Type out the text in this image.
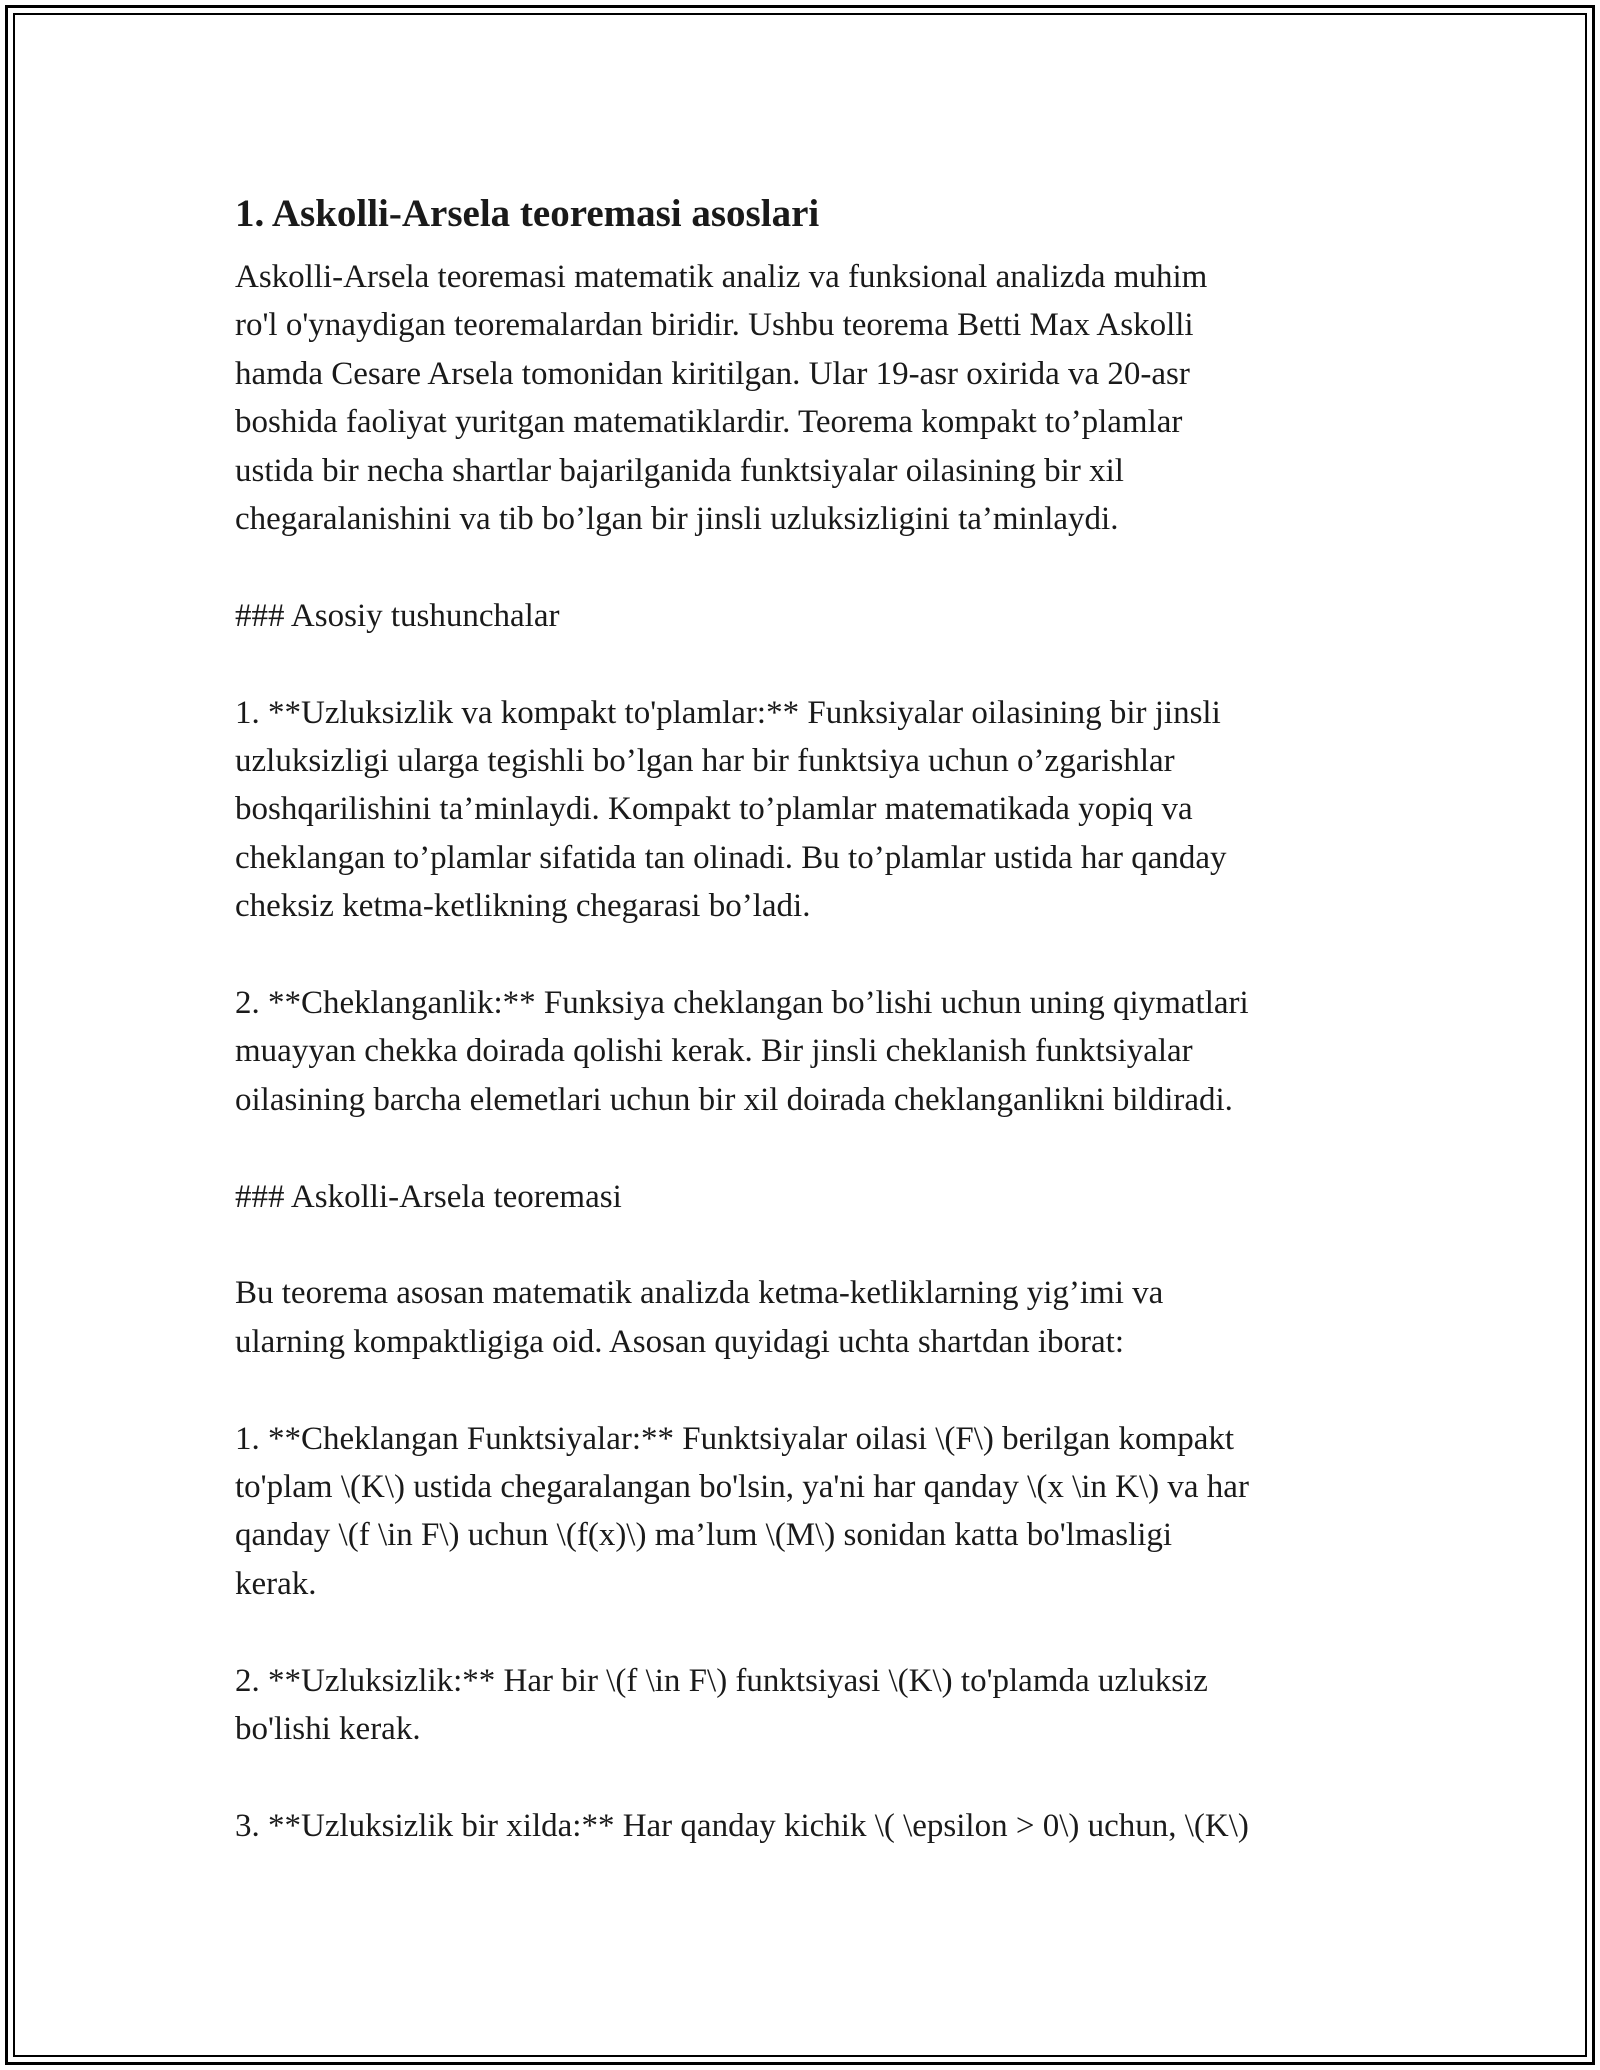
1. Askolli-Arsela teoremasi asoslari

Askolli-Arsela teoremasi matematik analiz va funksional analizda muhim
ro'l o'ynaydigan teoremalardan biridir. Ushbu teorema Betti Max Askolli
hamda Cesare Arsela tomonidan kiritilgan. Ular 19-asr oxirida va 20-asr
boshida faoliyat yuritgan matematiklardir. Teorema kompakt to’plamlar
ustida bir necha shartlar bajarilganida funktsiyalar oilasining bir xil
chegaralanishini va tib bo’lgan bir jinsli uzluksizligini ta’minlaydi.

### Asosiy tushunchalar

1. **Uzluksizlik va kompakt to'plamlar:** Funksiyalar oilasining bir jinsli
uzluksizligi ularga tegishli bo’lgan har bir funktsiya uchun o’zgarishlar
boshqarilishini ta’minlaydi. Kompakt to’plamlar matematikada yopiq va
cheklangan to’plamlar sifatida tan olinadi. Bu to’plamlar ustida har qanday
cheksiz ketma-ketlikning chegarasi bo’ladi.

2. **Cheklanganlik:** Funksiya cheklangan bo’lishi uchun uning qiymatlari
muayyan chekka doirada qolishi kerak. Bir jinsli cheklanish funktsiyalar
oilasining barcha elemetlari uchun bir xil doirada cheklanganlikni bildiradi.

### Askolli-Arsela teoremasi

Bu teorema asosan matematik analizda ketma-ketliklarning yig’imi va
ularning kompaktligiga oid. Asosan quyidagi uchta shartdan iborat:

1. **Cheklangan Funktsiyalar:** Funktsiyalar oilasi \(F\) berilgan kompakt
to'plam \(K\) ustida chegaralangan bo'lsin, ya'ni har qanday \(x \in K\) va har
qanday \(f \in F\) uchun \(f(x)\) ma’lum \(M\) sonidan katta bo'lmasligi
kerak.

2. **Uzluksizlik:** Har bir \(f \in F\) funktsiyasi \(K\) to'plamda uzluksiz
bo'lishi kerak.

3. **Uzluksizlik bir xilda:** Har qanday kichik \( \epsilon > 0\) uchun, \(K\)
